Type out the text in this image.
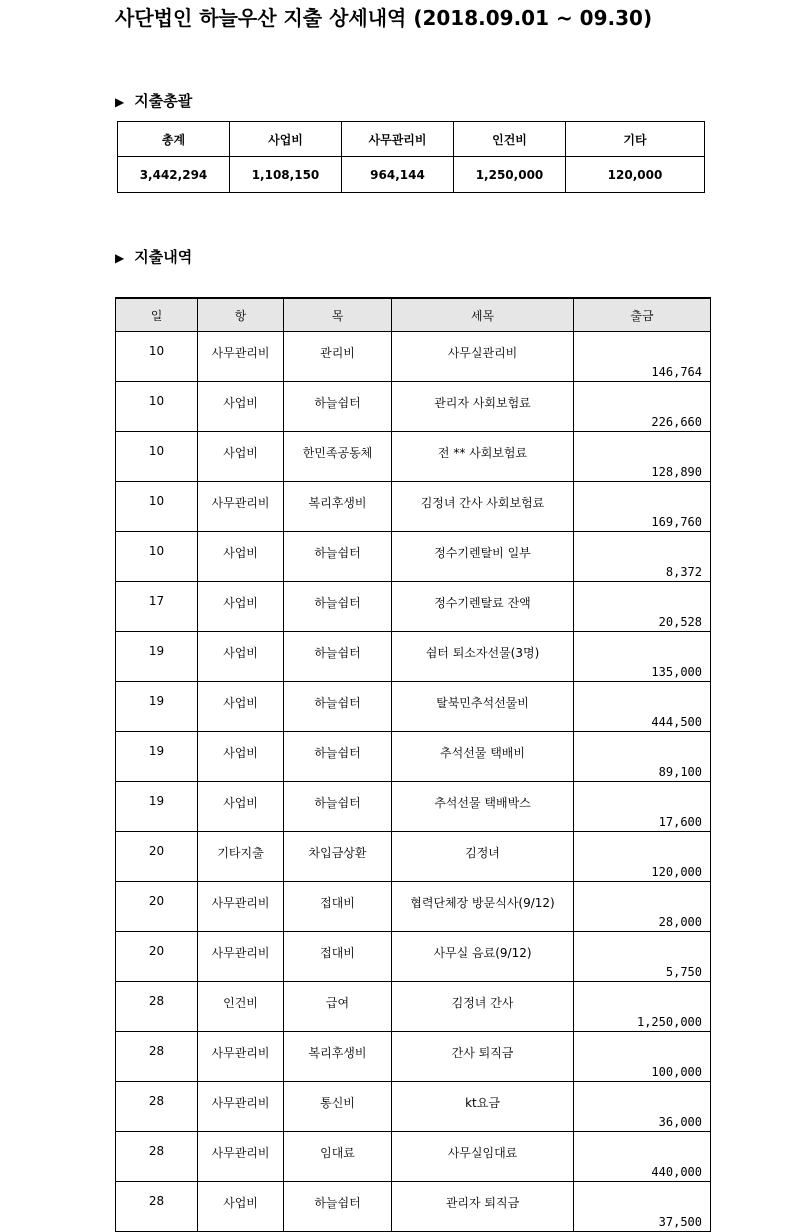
사단법인 하늘우산 지출 상세내역 (2018.09.01 ~ 09.30)
▶ 지출총괄
총계	사업비	사무관리비	인건비	기타
3,442,294	1,108,150	964,144	1,250,000	120,000
▶ 지출내역
일	항	목	세목	출금
10	사무관리비	관리비	사무실관리비	146,764
10	사업비	하늘쉼터	관리자 사회보험료	226,660
10	사업비	한민족공동체	전 ** 사회보험료	128,890
10	사무관리비	복리후생비	김정녀 간사 사회보험료	169,760
10	사업비	하늘쉼터	정수기렌탈비 일부	8,372
17	사업비	하늘쉼터	정수기렌탈료 잔액	20,528
19	사업비	하늘쉼터	쉼터 퇴소자선물(3명)	135,000
19	사업비	하늘쉼터	탈북민추석선물비	444,500
19	사업비	하늘쉼터	추석선물 택배비	89,100
19	사업비	하늘쉼터	추석선물 택배박스	17,600
20	기타지출	차입금상환	김정녀	120,000
20	사무관리비	접대비	협력단체장 방문식사(9/12)	28,000
20	사무관리비	접대비	사무실 음료(9/12)	5,750
28	인건비	급여	김정녀 간사	1,250,000
28	사무관리비	복리후생비	간사 퇴직금	100,000
28	사무관리비	통신비	kt요금	36,000
28	사무관리비	임대료	사무실임대료	440,000
28	사업비	하늘쉼터	관리자 퇴직금	37,500
